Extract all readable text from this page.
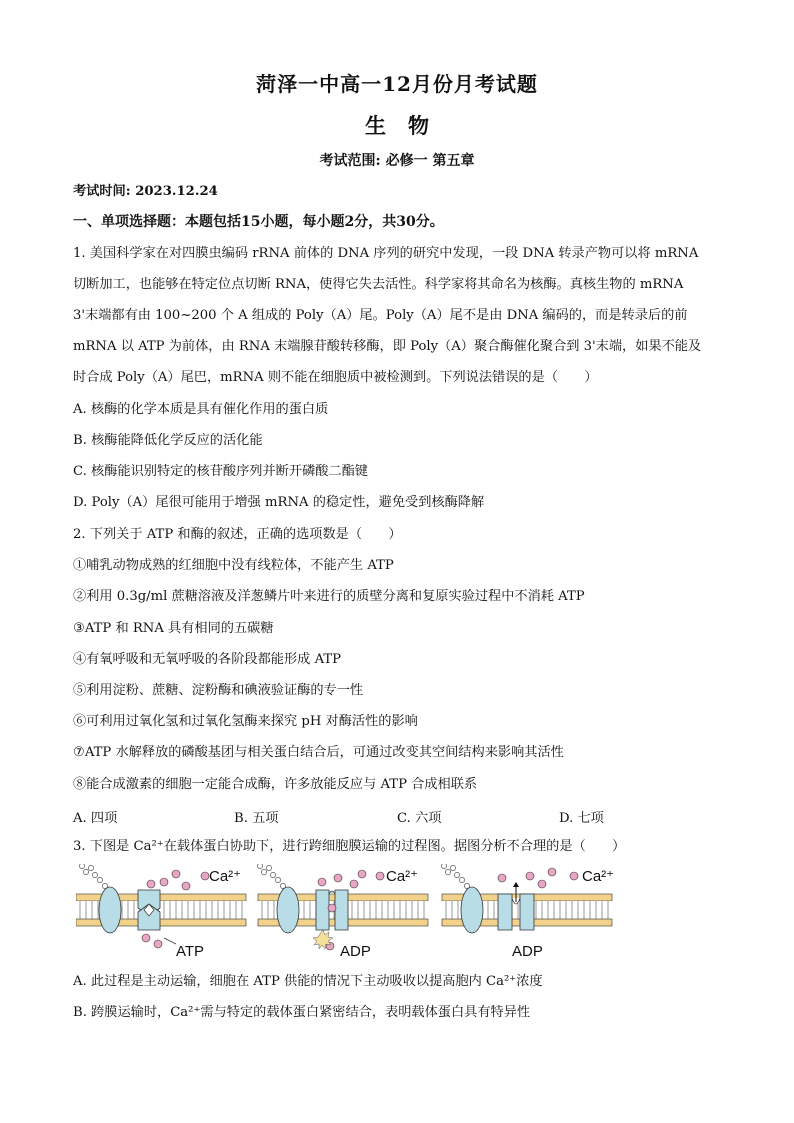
菏泽一中高一12月份月考试题
生物
考试范围: 必修一 第五章
考试时间: 2023.12.24
一、单项选择题：本题包括15小题，每小题2分，共30分。
1. 美国科学家在对四膜虫编码 rRNA 前体的 DNA 序列的研究中发现，一段 DNA 转录产物可以将 mRNA
切断加工，也能够在特定位点切断 RNA，使得它失去活性。科学家将其命名为核酶。真核生物的 mRNA
3'末端都有由 100~200 个 A 组成的 Poly（A）尾。Poly（A）尾不是由 DNA 编码的，而是转录后的前
mRNA 以 ATP 为前体，由 RNA 末端腺苷酸转移酶，即 Poly（A）聚合酶催化聚合到 3'末端，如果不能及
时合成 Poly（A）尾巴，mRNA 则不能在细胞质中被检测到。下列说法错误的是（　　）
A. 核酶的化学本质是具有催化作用的蛋白质
B. 核酶能降低化学反应的活化能
C. 核酶能识别特定的核苷酸序列并断开磷酸二酯键
D. Poly（A）尾很可能用于增强 mRNA 的稳定性，避免受到核酶降解
2. 下列关于 ATP 和酶的叙述，正确的选项数是（　　）
①哺乳动物成熟的红细胞中没有线粒体，不能产生 ATP
②利用 0.3g/ml 蔗糖溶液及洋葱鳞片叶来进行的质壁分离和复原实验过程中不消耗 ATP
③ATP 和 RNA 具有相同的五碳糖
④有氧呼吸和无氧呼吸的各阶段都能形成 ATP
⑤利用淀粉、蔗糖、淀粉酶和碘液验证酶的专一性
⑥可利用过氧化氢和过氧化氢酶来探究 pH 对酶活性的影响
⑦ATP 水解释放的磷酸基团与相关蛋白结合后，可通过改变其空间结构来影响其活性
⑧能合成激素的细胞一定能合成酶，许多放能反应与 ATP 合成相联系
A. 四项	B. 五项	C. 六项	D. 七项
3. 下图是 Ca²⁺在载体蛋白协助下，进行跨细胞膜运输的过程图。据图分析不合理的是（　　）
Ca²⁺
ATP
Ca²⁺
ADP
Ca²⁺
ADP
A. 此过程是主动运输，细胞在 ATP 供能的情况下主动吸收以提高胞内 Ca²⁺浓度
B. 跨膜运输时，Ca²⁺需与特定的载体蛋白紧密结合，表明载体蛋白具有特异性
